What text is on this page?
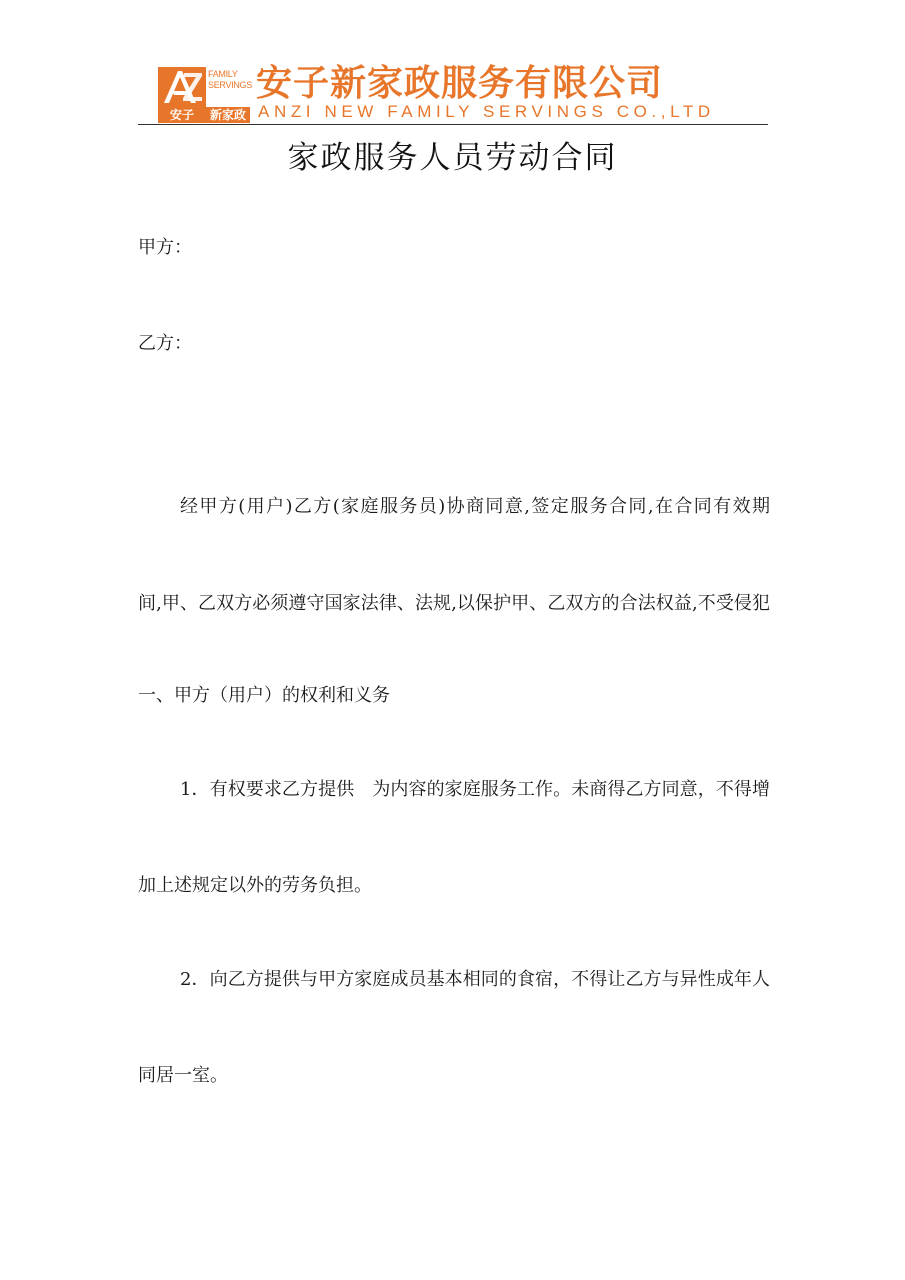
FAMILY
SERVINGS
安子	新家政
安子新家政服务有限公司
ANZI NEW FAMILY SERVINGS CO.,LTD
家政服务人员劳动合同
甲方：
乙方：
经甲方(用户)乙方(家庭服务员)协商同意,签定服务合同,在合同有效期
间,甲、乙双方必须遵守国家法律、法规,以保护甲、乙双方的合法权益,不受侵犯
一、甲方（用户）的权利和义务
1．有权要求乙方提供　为内容的家庭服务工作。未商得乙方同意，不得增
加上述规定以外的劳务负担。
2．向乙方提供与甲方家庭成员基本相同的食宿，不得让乙方与异性成年人
同居一室。
